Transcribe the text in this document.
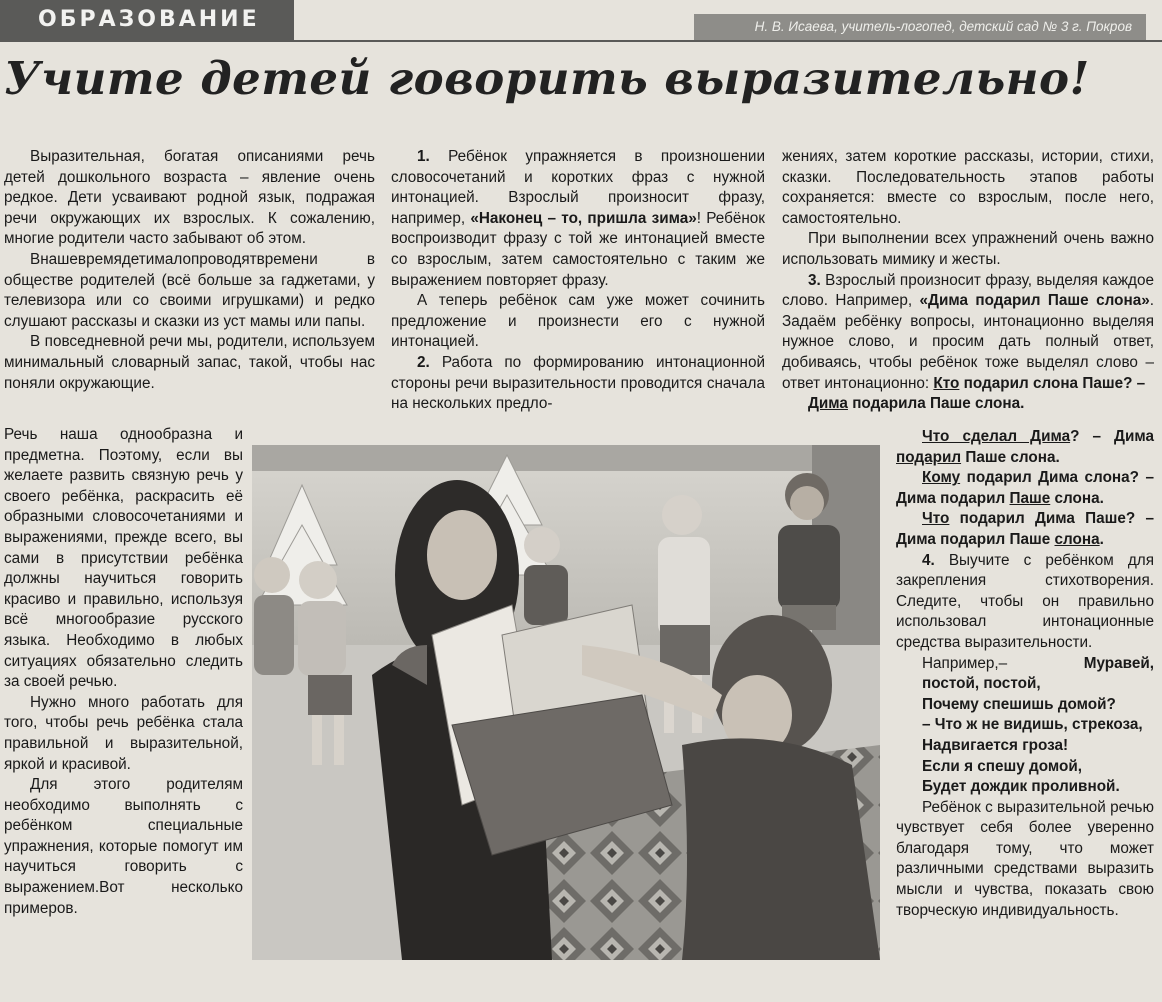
ОБРАЗОВАНИЕ	Н. В. Исаева, учитель-логопед, детский сад № 3 г. Покров
Учите детей говорить выразительно!

Выразительная, богатая описаниями речь детей дошкольного возраста – явление очень редкое. Дети усваивают родной язык, подражая речи окружающих их взрослых. К сожалению, многие родители часто забывают об этом.

Внашевремядетималопроводятвремени в обществе родителей (всё больше за гаджетами, у телевизора или со своими игрушками) и редко слушают рассказы и сказки из уст мамы или папы.

В повседневной речи мы, родители, используем минимальный словарный запас, такой, чтобы нас поняли окружающие.

Речь наша однообразна и предметна. Поэтому, если вы желаете развить связную речь у своего ребёнка, раскрасить её образными словосочетаниями и выражениями, прежде всего, вы сами в присутствии ребёнка должны научиться говорить красиво и правильно, используя всё многообразие русского языка. Необходимо в любых ситуациях обязательно следить за своей речью.

Нужно много работать для того, чтобы речь ребёнка стала правильной и выразительной, яркой и красивой.

Для этого родителям необходимо выполнять с ребёнком специальные упражнения, которые помогут им научиться говорить с выражением.Вот несколько примеров.

1. Ребёнок упражняется в произношении словосочетаний и коротких фраз с нужной интонацией. Взрослый произносит фразу, например, «Наконец – то, пришла зима»! Ребёнок воспроизводит фразу с той же интонацией вместе со взрослым, затем самостоятельно с таким же выражением повторяет фразу.

А теперь ребёнок сам уже может сочинить предложение и произнести его с нужной интонацией.

2. Работа по формированию интонационной стороны речи выразительности проводится сначала на нескольких предло-

жениях, затем короткие рассказы, истории, стихи, сказки. Последовательность этапов работы сохраняется: вместе со взрослым, после него, самостоятельно.

При выполнении всех упражнений очень важно использовать мимику и жесты.

3. Взрослый произносит фразу, выделяя каждое слово. Например, «Дима подарил Паше слона». Задаём ребёнку вопросы, интонационно выделяя нужное слово, и просим дать полный ответ, добиваясь, чтобы ребёнок тоже выделял слово – ответ интонационно: Кто подарил слона Паше? –

Дима подарила Паше слона.

Что сделал Дима? – Дима подарил Паше слона.

Кому подарил Дима слона? – Дима подарил Паше слона.

Что подарил Дима Паше? – Дима подарил Паше слона.

4. Выучите с ребёнком для закрепления стихотворения. Следите, чтобы он правильно использовал интонационные средства выразительности.

Например,–	Муравей,

постой, постой,

Почему спешишь домой?

– Что ж не видишь, стрекоза,

Надвигается гроза!

Если я спешу домой,

Будет дождик проливной.

Ребёнок с выразительной речью чувствует себя более уверенно благодаря тому, что может различными средствами выразить мысли и чувства, показать свою творческую индивидуальность.
